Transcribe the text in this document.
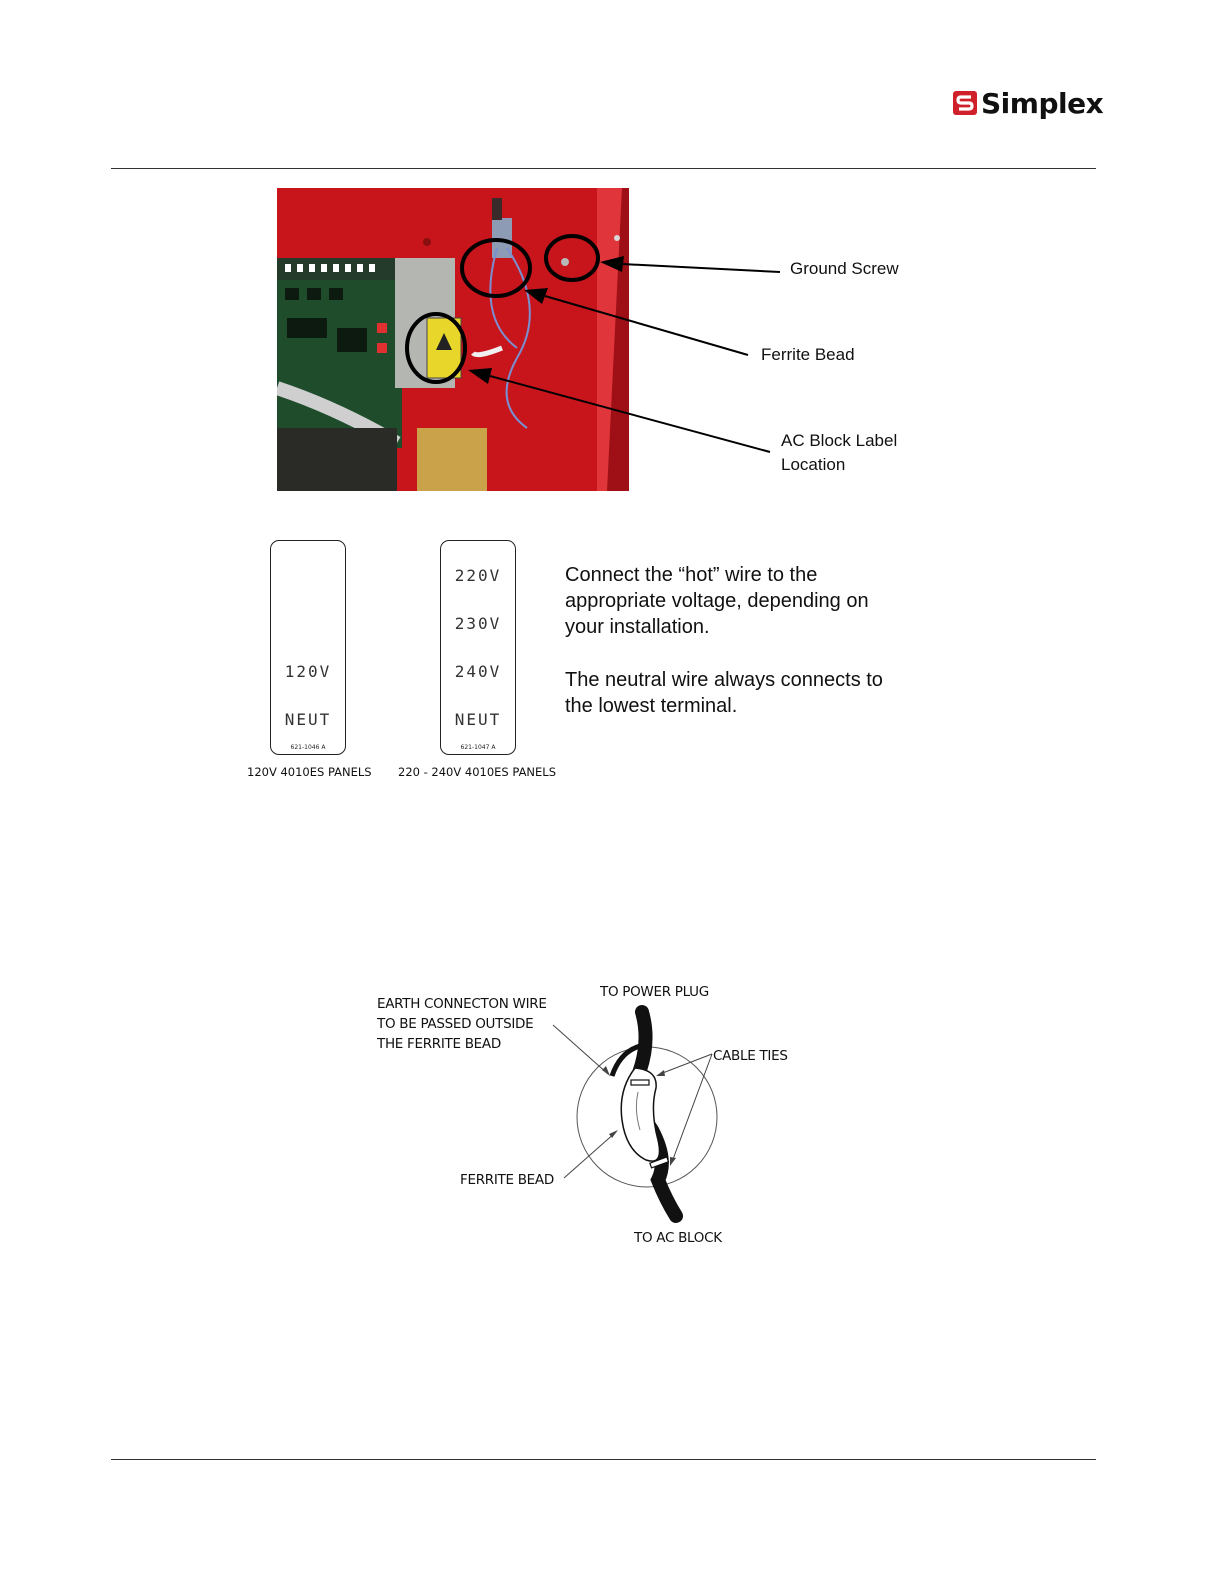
Simplex
Ground Screw
Ferrite Bead
AC Block Label
Location
120V
NEUT
621-1046 A
120V 4010ES PANELS
220V
230V
240V
NEUT
621-1047 A
220 - 240V 4010ES PANELS
Connect the “hot” wire to the appropriate voltage, depending on your installation.
The neutral wire always connects to the lowest terminal.
EARTH CONNECTON WIRE
TO BE PASSED OUTSIDE
THE FERRITE BEAD
TO POWER PLUG
CABLE TIES
FERRITE BEAD
TO AC BLOCK
